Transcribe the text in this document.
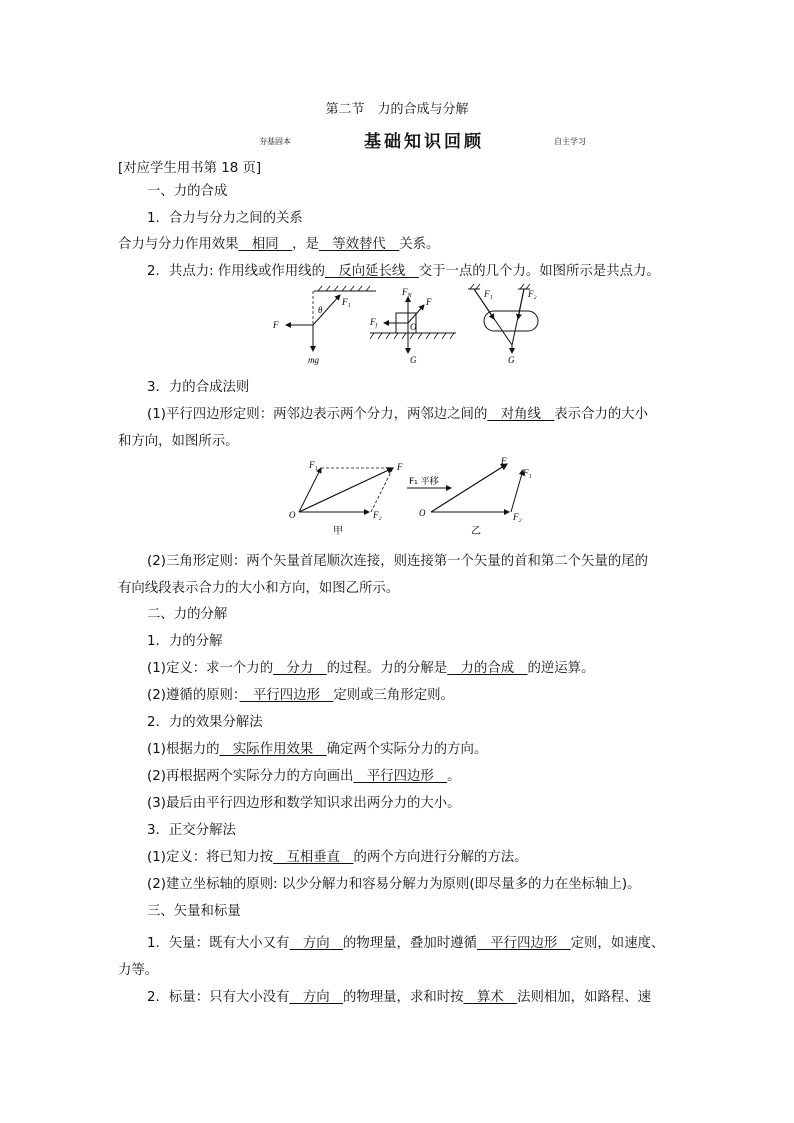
第二节　力的合成与分解
夯基固本	基础知识回顾	自主学习
[对应学生用书第 18 页]
一、力的合成
1．合力与分力之间的关系
合力与分力作用效果　相同　，是　等效替代　关系。
2．共点力: 作用线或作用线的　反向延长线　交于一点的几个力。如图所示是共点力。
F₁
θ
F
mg
$F_N$
F
$F_f$	O
G
F₁	F₂
G
3．力的合成法则
(1)平行四边形定则：两邻边表示两个分力，两邻边之间的　对角线　表示合力的大小
和方向，如图所示。
F₁	F
O	F₂
甲
F₁ 平移
F
F₁
O	F₂
乙
(2)三角形定则：两个矢量首尾顺次连接，则连接第一个矢量的首和第二个矢量的尾的
有向线段表示合力的大小和方向，如图乙所示。
二、力的分解
1．力的分解
(1)定义：求一个力的　分力　的过程。力的分解是　力的合成　的逆运算。
(2)遵循的原则：　平行四边形　定则或三角形定则。
2．力的效果分解法
(1)根据力的　实际作用效果　确定两个实际分力的方向。
(2)再根据两个实际分力的方向画出　平行四边形　。
(3)最后由平行四边形和数学知识求出两分力的大小。
3．正交分解法
(1)定义：将已知力按　互相垂直　的两个方向进行分解的方法。
(2)建立坐标轴的原则: 以少分解力和容易分解力为原则(即尽量多的力在坐标轴上)。
三、矢量和标量
1．矢量：既有大小又有　方向　的物理量，叠加时遵循　平行四边形　定则，如速度、
力等。
2．标量：只有大小没有　方向　的物理量，求和时按　算术　法则相加，如路程、速
